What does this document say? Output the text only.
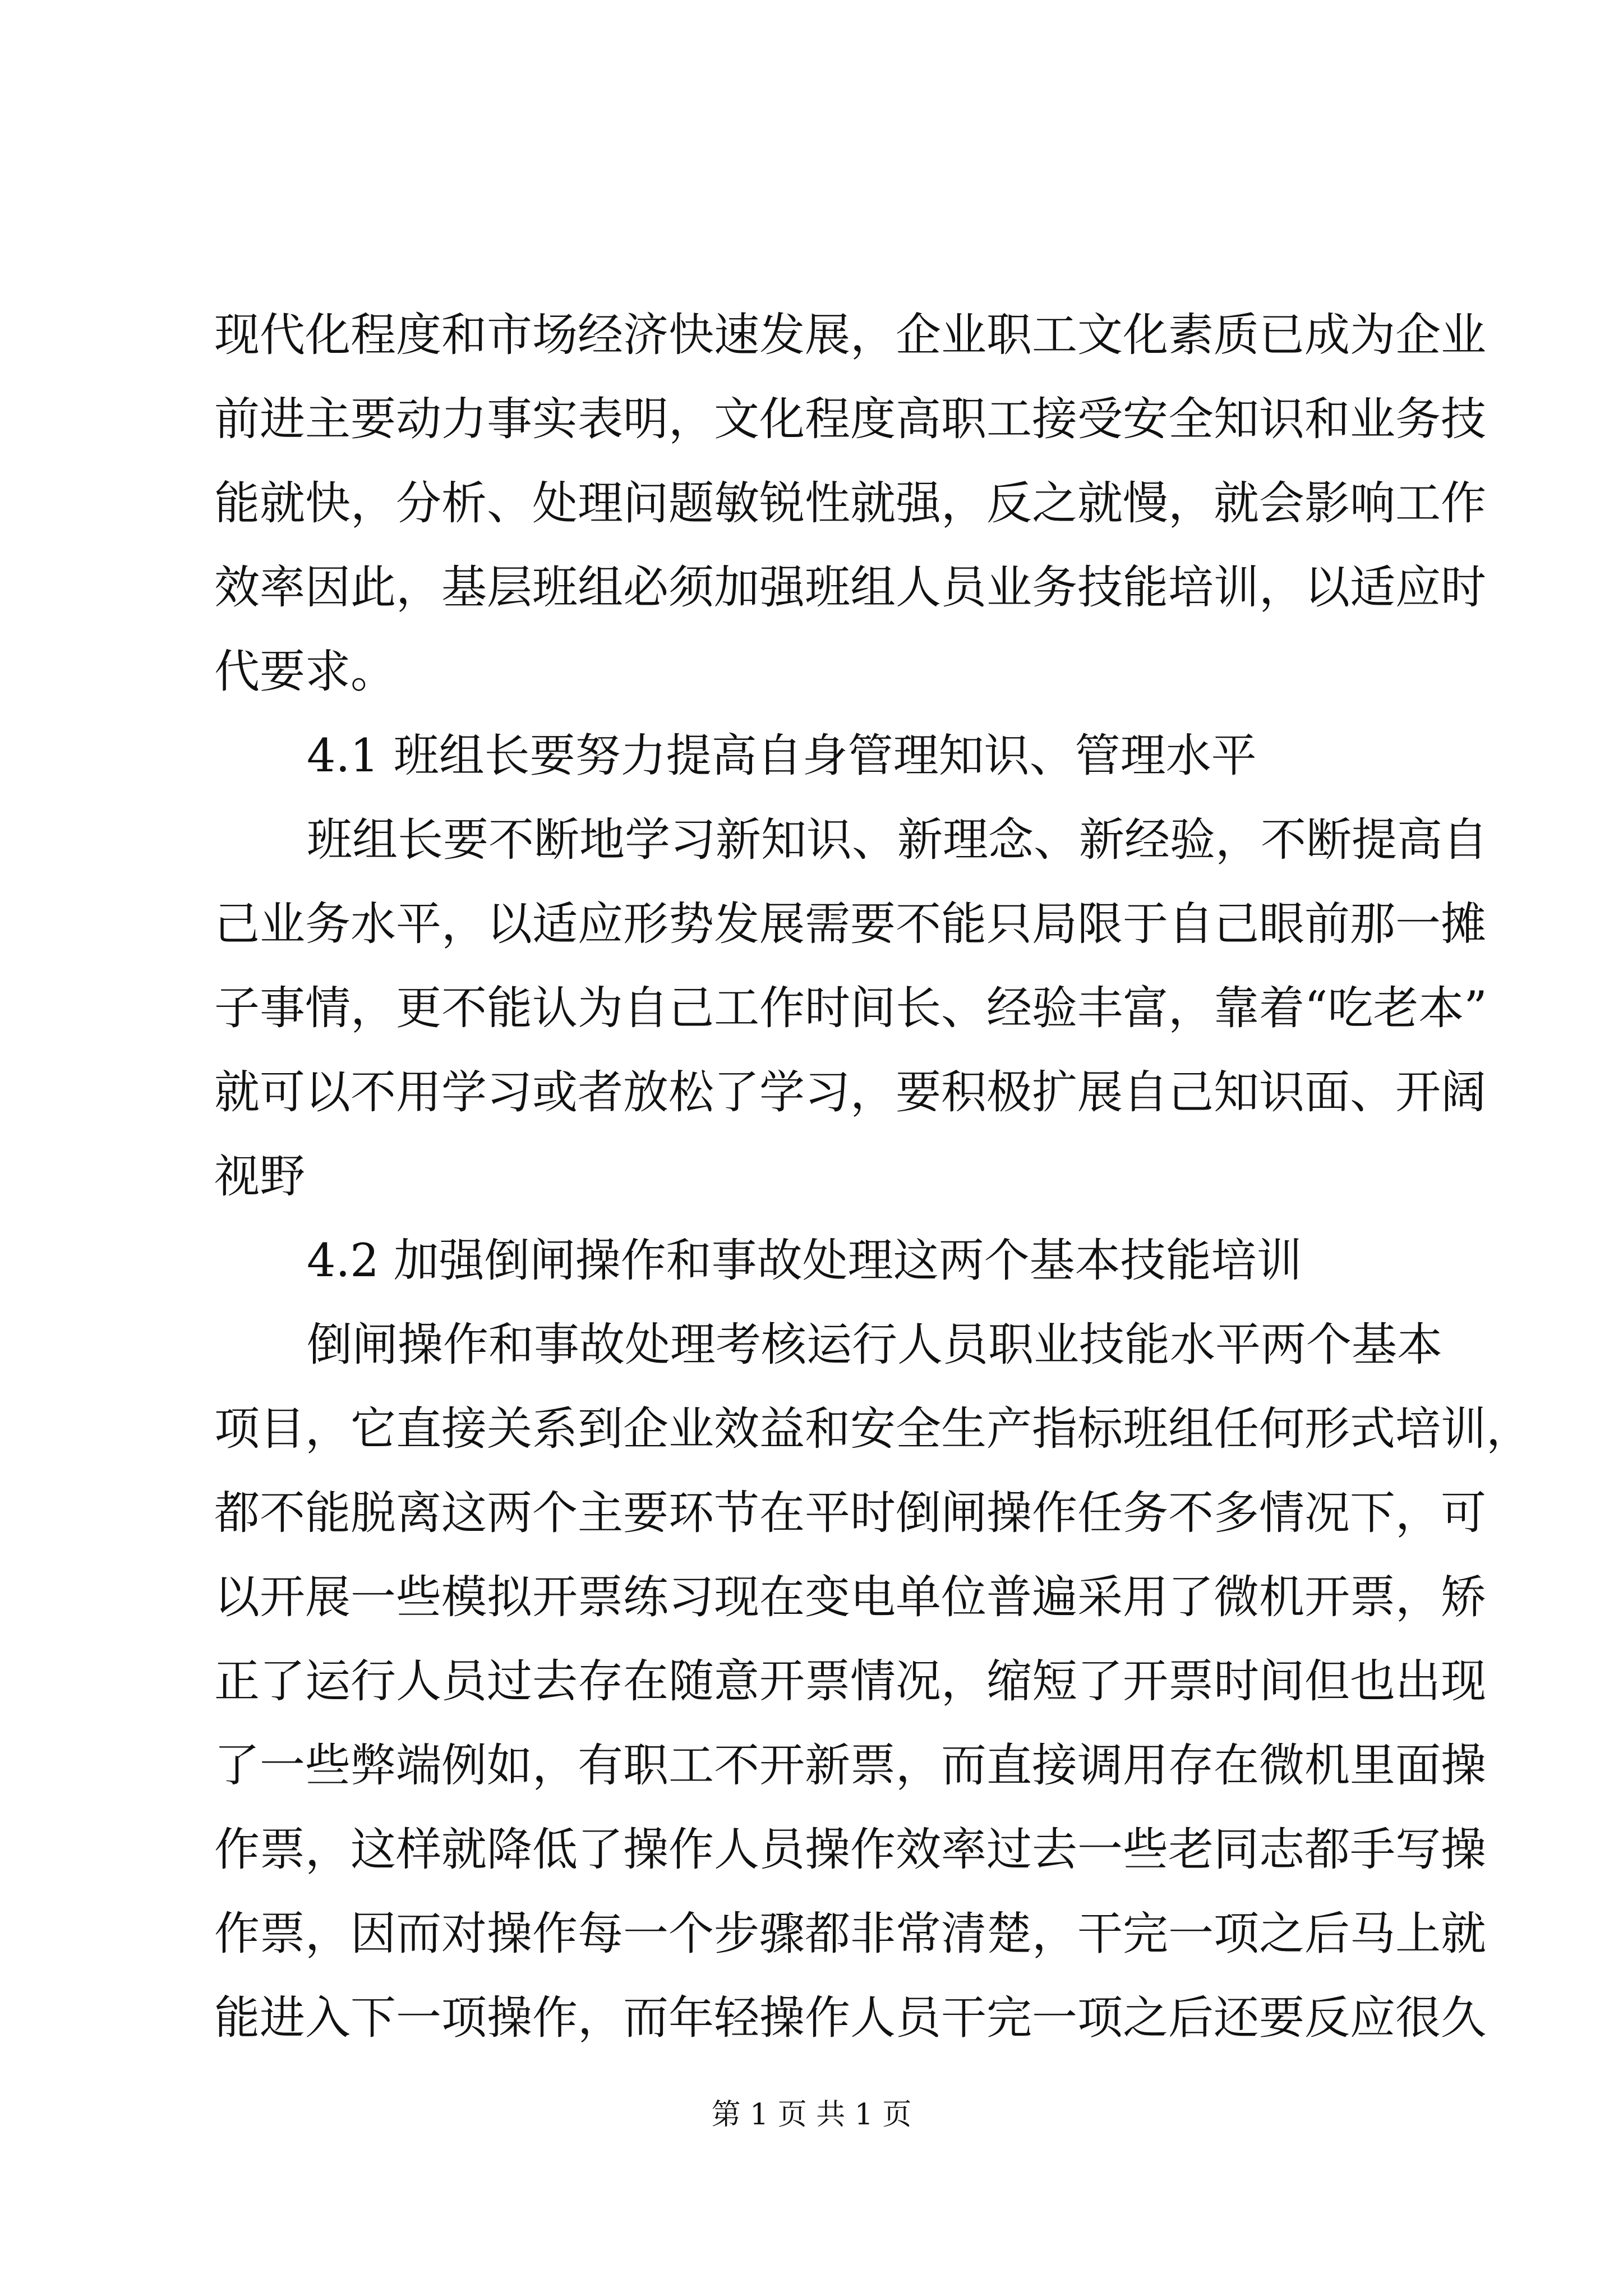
现代化程度和市场经济快速发展，企业职工文化素质已成为企业
前进主要动力事实表明，文化程度高职工接受安全知识和业务技
能就快，分析、处理问题敏锐性就强，反之就慢，就会影响工作
效率因此，基层班组必须加强班组人员业务技能培训，以适应时
代要求。
4.1 班组长要努力提高自身管理知识、管理水平
班组长要不断地学习新知识、新理念、新经验，不断提高自
己业务水平，以适应形势发展需要不能只局限于自己眼前那一摊
子事情，更不能认为自己工作时间长、经验丰富，靠着“吃老本”
就可以不用学习或者放松了学习，要积极扩展自己知识面、开阔
视野
4.2 加强倒闸操作和事故处理这两个基本技能培训
倒闸操作和事故处理考核运行人员职业技能水平两个基本
项目，它直接关系到企业效益和安全生产指标班组任何形式培训，
都不能脱离这两个主要环节在平时倒闸操作任务不多情况下，可
以开展一些模拟开票练习现在变电单位普遍采用了微机开票，矫
正了运行人员过去存在随意开票情况，缩短了开票时间但也出现
了一些弊端例如，有职工不开新票，而直接调用存在微机里面操
作票，这样就降低了操作人员操作效率过去一些老同志都手写操
作票，因而对操作每一个步骤都非常清楚，干完一项之后马上就
能进入下一项操作，而年轻操作人员干完一项之后还要反应很久
第 1 页 共 1 页
